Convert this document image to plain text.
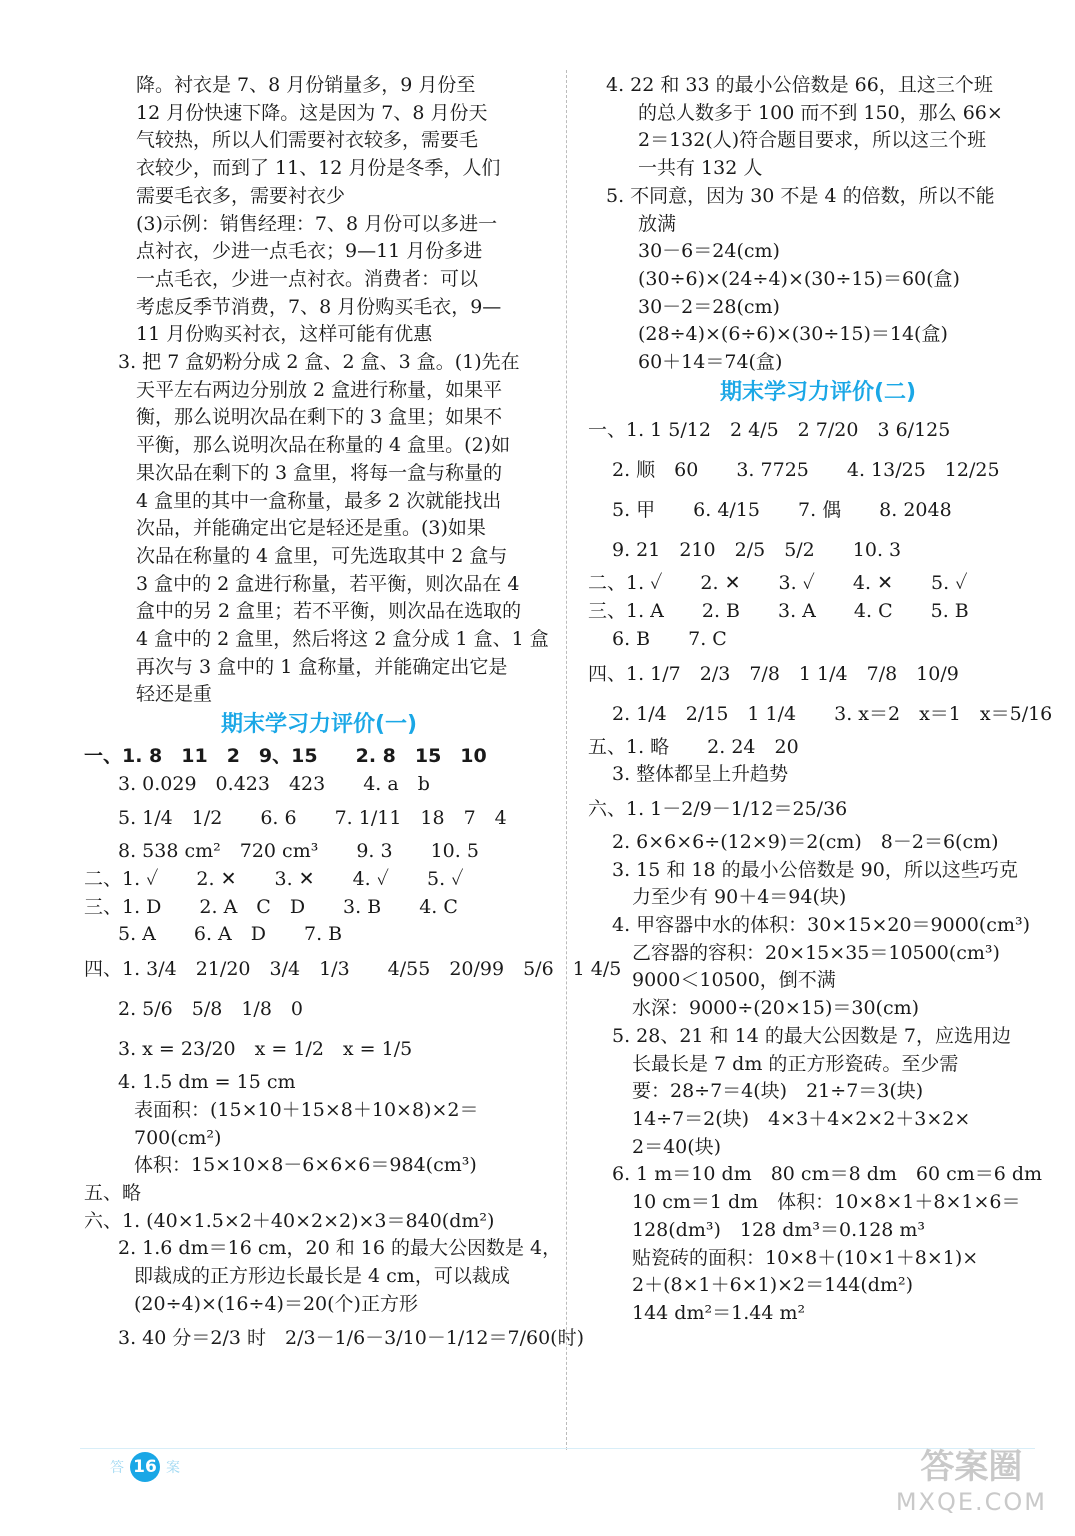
降。衬衣是 7、8 月份销量多，9 月份至
12 月份快速下降。这是因为 7、8 月份天
气较热，所以人们需要衬衣较多，需要毛
衣较少，而到了 11、12 月份是冬季，人们
需要毛衣多，需要衬衣少
(3)示例：销售经理：7、8 月份可以多进一
点衬衣，少进一点毛衣；9—11 月份多进
一点毛衣，少进一点衬衣。消费者：可以
考虑反季节消费，7、8 月份购买毛衣，9—
11 月份购买衬衣，这样可能有优惠
3. 把 7 盒奶粉分成 2 盒、2 盒、3 盒。(1)先在
天平左右两边分别放 2 盒进行称量，如果平
衡，那么说明次品在剩下的 3 盒里；如果不
平衡，那么说明次品在称量的 4 盒里。(2)如
果次品在剩下的 3 盒里，将每一盒与称量的
4 盒里的其中一盒称量，最多 2 次就能找出
次品，并能确定出它是轻还是重。(3)如果
次品在称量的 4 盒里，可先选取其中 2 盒与
3 盒中的 2 盒进行称量，若平衡，则次品在 4
盒中的另 2 盒里；若不平衡，则次品在选取的
4 盒中的 2 盒里，然后将这 2 盒分成 1 盒、1 盒
再次与 3 盒中的 1 盒称量，并能确定出它是
轻还是重
期末学习力评价(一)
一、1. 8　11　2　9、15　　2. 8　15　10
3. 0.029　0.423　423　　4. a　b
5. 1/4　1/2　　6. 6　　7. 1/11　18　7　4
8. 538 cm²　720 cm³　　9. 3　　10. 5
二、1. ✓　　2. ✕　　3. ✕　　4. ✓　　5. ✓
三、1. D　　2. A　C　D　　3. B　　4. C
5. A　　6. A　D　　7. B
四、1. 3/4　21/20　3/4　1/3　　4/55　20/99　5/6　1 4/5
2. 5/6　5/8　1/8　0
3. x = 23/20　x = 1/2　x = 1/5
4. 1.5 dm = 15 cm
表面积：(15×10＋15×8＋10×8)×2＝
700(cm²)
体积：15×10×8－6×6×6＝984(cm³)
五、略
六、1. (40×1.5×2＋40×2×2)×3＝840(dm²)
2. 1.6 dm＝16 cm，20 和 16 的最大公因数是 4，
即裁成的正方形边长最长是 4 cm，可以裁成
(20÷4)×(16÷4)＝20(个)正方形
3. 40 分＝2/3 时　2/3－1/6－3/10－1/12＝7/60(时)
4. 22 和 33 的最小公倍数是 66，且这三个班
的总人数多于 100 而不到 150，那么 66×
2＝132(人)符合题目要求，所以这三个班
一共有 132 人
5. 不同意，因为 30 不是 4 的倍数，所以不能
放满
30－6＝24(cm)
(30÷6)×(24÷4)×(30÷15)＝60(盒)
30－2＝28(cm)
(28÷4)×(6÷6)×(30÷15)＝14(盒)
60＋14＝74(盒)
期末学习力评价(二)
一、1. 1 5/12　2 4/5　2 7/20　3 6/125
2. 顺　60　　3. 7725　　4. 13/25　12/25
5. 甲　　6. 4/15　　7. 偶　　8. 2048
9. 21　210　2/5　5/2　　10. 3
二、1. ✓　　2. ✕　　3. ✓　　4. ✕　　5. ✓
三、1. A　　2. B　　3. A　　4. C　　5. B
6. B　　7. C
四、1. 1/7　2/3　7/8　1 1/4　7/8　10/9
2. 1/4　2/15　1 1/4　　3. x＝2　x＝1　x＝5/16
五、1. 略　　2. 24　20
3. 整体都呈上升趋势
六、1. 1－2/9－1/12＝25/36
2. 6×6×6÷(12×9)＝2(cm)　8－2＝6(cm)
3. 15 和 18 的最小公倍数是 90，所以这些巧克
力至少有 90＋4＝94(块)
4. 甲容器中水的体积：30×15×20＝9000(cm³)
乙容器的容积：20×15×35＝10500(cm³)
9000＜10500，倒不满
水深：9000÷(20×15)＝30(cm)
5. 28、21 和 14 的最大公因数是 7，应选用边
长最长是 7 dm 的正方形瓷砖。至少需
要：28÷7＝4(块)　21÷7＝3(块)
14÷7＝2(块)　4×3＋4×2×2＋3×2×
2＝40(块)
6. 1 m＝10 dm　80 cm＝8 dm　60 cm＝6 dm
10 cm＝1 dm　体积：10×8×1＋8×1×6＝
128(dm³)　128 dm³＝0.128 m³
贴瓷砖的面积：10×8＋(10×1＋8×1)×
2＋(8×1＋6×1)×2＝144(dm²)
144 dm²＝1.44 m²
答 16 案	答案圈
MXQE.COM
